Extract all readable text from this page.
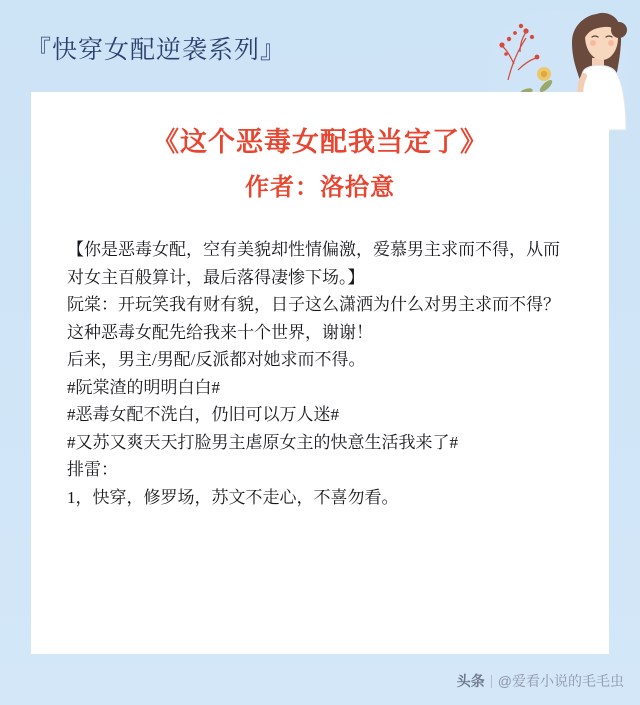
『快穿女配逆袭系列』
《这个恶毒女配我当定了》
作者：洛拾意

【你是恶毒女配，空有美貌却性情偏激，爱慕男主求而不得，从而对女主百般算计，最后落得凄惨下场。】

阮棠：开玩笑我有财有貌，日子这么潇洒为什么对男主求而不得？这种恶毒女配先给我来十个世界，谢谢！

后来，男主/男配/反派都对她求而不得。

#阮棠渣的明明白白#

#恶毒女配不洗白，仍旧可以万人迷#

#又苏又爽天天打脸男主虐原女主的快意生活我来了#

排雷：

1，快穿，修罗场，苏文不走心，不喜勿看。

头条 @爱看小说的毛毛虫
